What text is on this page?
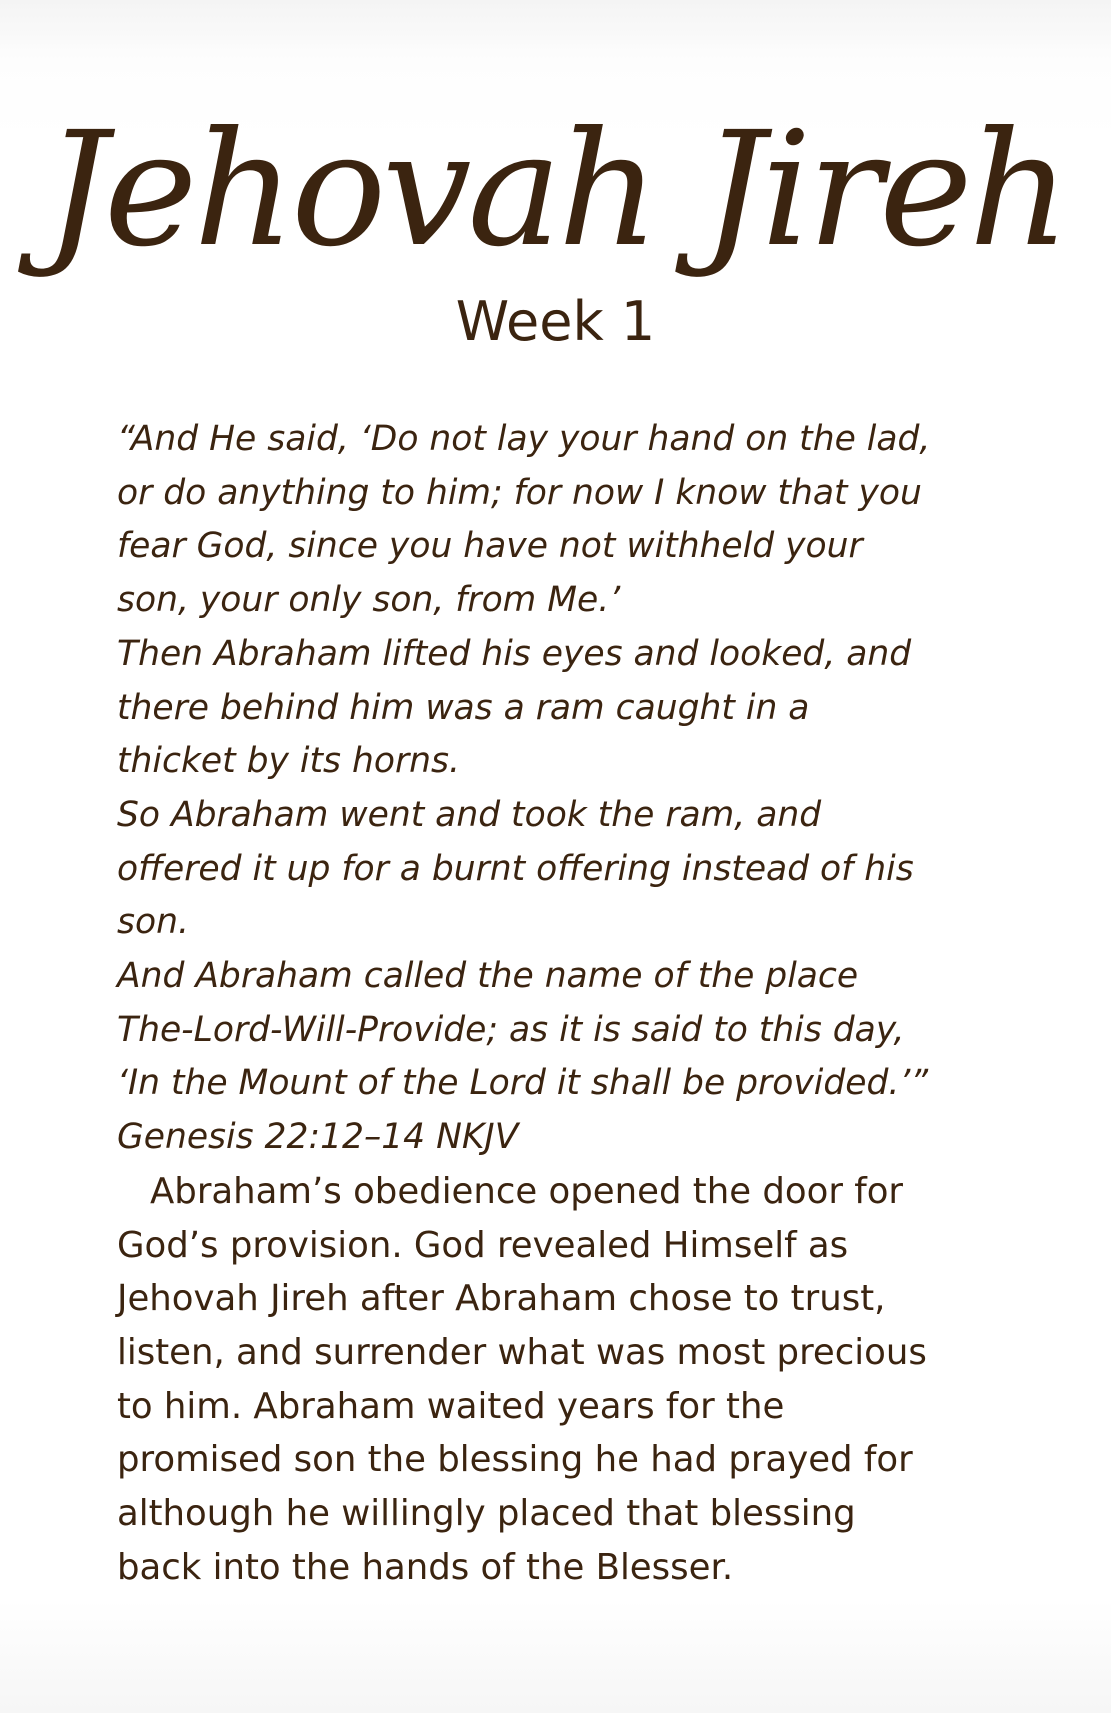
Jehovah Jireh
Week 1
“And He said, ‘Do not lay your hand on the lad,
or do anything to him; for now I know that you
fear God, since you have not withheld your
son, your only son, from Me.’
Then Abraham lifted his eyes and looked, and
there behind him was a ram caught in a
thicket by its horns.
So Abraham went and took the ram, and
offered it up for a burnt offering instead of his
son.
And Abraham called the name of the place
The-Lord-Will-Provide; as it is said to this day,
‘In the Mount of the Lord it shall be provided.’”
Genesis 22:12–14 NKJV
Abraham’s obedience opened the door for
God’s provision. God revealed Himself as
Jehovah Jireh after Abraham chose to trust,
listen, and surrender what was most precious
to him. Abraham waited years for the
promised son the blessing he had prayed for
although he willingly placed that blessing
back into the hands of the Blesser.
